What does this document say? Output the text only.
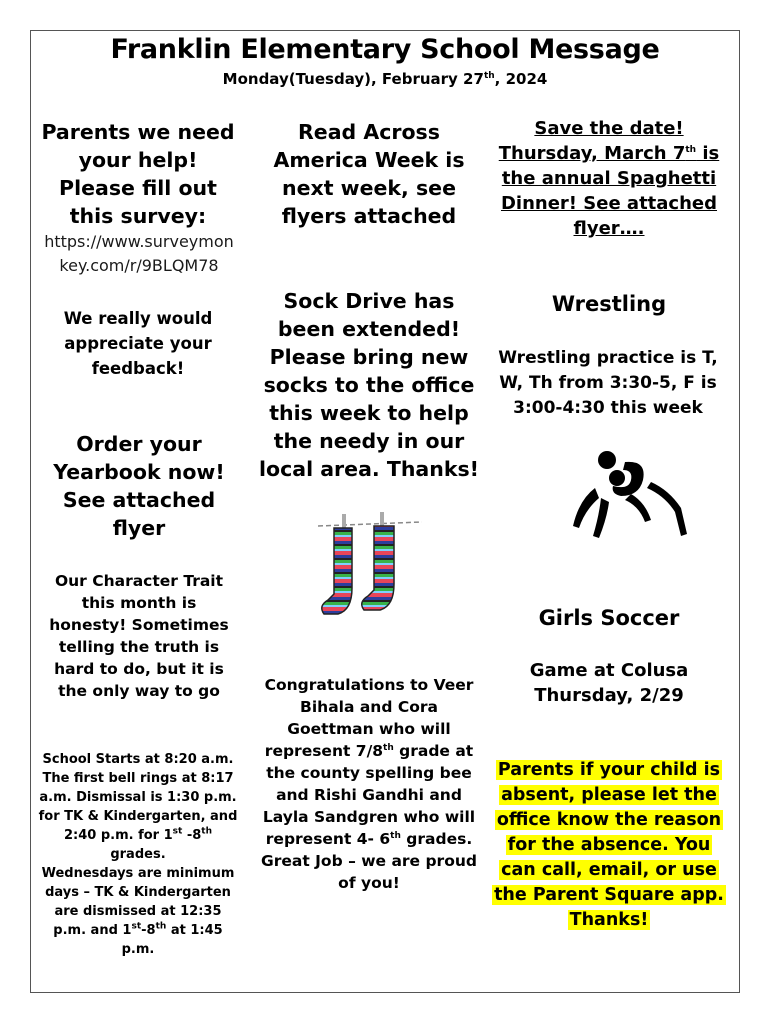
Franklin Elementary School Message
Monday(Tuesday), February 27th, 2024
Parents we need your help! Please fill out this survey:
https://www.surveymonkey.com/r/9BLQM78
We really would appreciate your feedback!
Order your Yearbook now! See attached flyer
Our Character Trait this month is honesty! Sometimes telling the truth is hard to do, but it is the only way to go
School Starts at 8:20 a.m. The first bell rings at 8:17 a.m. Dismissal is 1:30 p.m. for TK & Kindergarten, and 2:40 p.m. for 1st -8th grades.
Wednesdays are minimum days – TK & Kindergarten are dismissed at 12:35 p.m. and 1st-8th at 1:45 p.m.
Read Across America Week is next week, see flyers attached
Sock Drive has been extended! Please bring new socks to the office this week to help the needy in our local area. Thanks!
Congratulations to Veer Bihala and Cora Goettman who will represent 7/8th grade at the county spelling bee and Rishi Gandhi and Layla Sandgren who will represent 4- 6th grades. Great Job – we are proud of you!
Save the date! Thursday, March 7th is the annual Spaghetti Dinner! See attached flyer….
Wrestling
Wrestling practice is T, W, Th from 3:30-5, F is 3:00-4:30 this week
Girls Soccer
Game at Colusa Thursday, 2/29
Parents if your child is absent, please let the office know the reason for the absence. You can call, email, or use the Parent Square app. Thanks!
